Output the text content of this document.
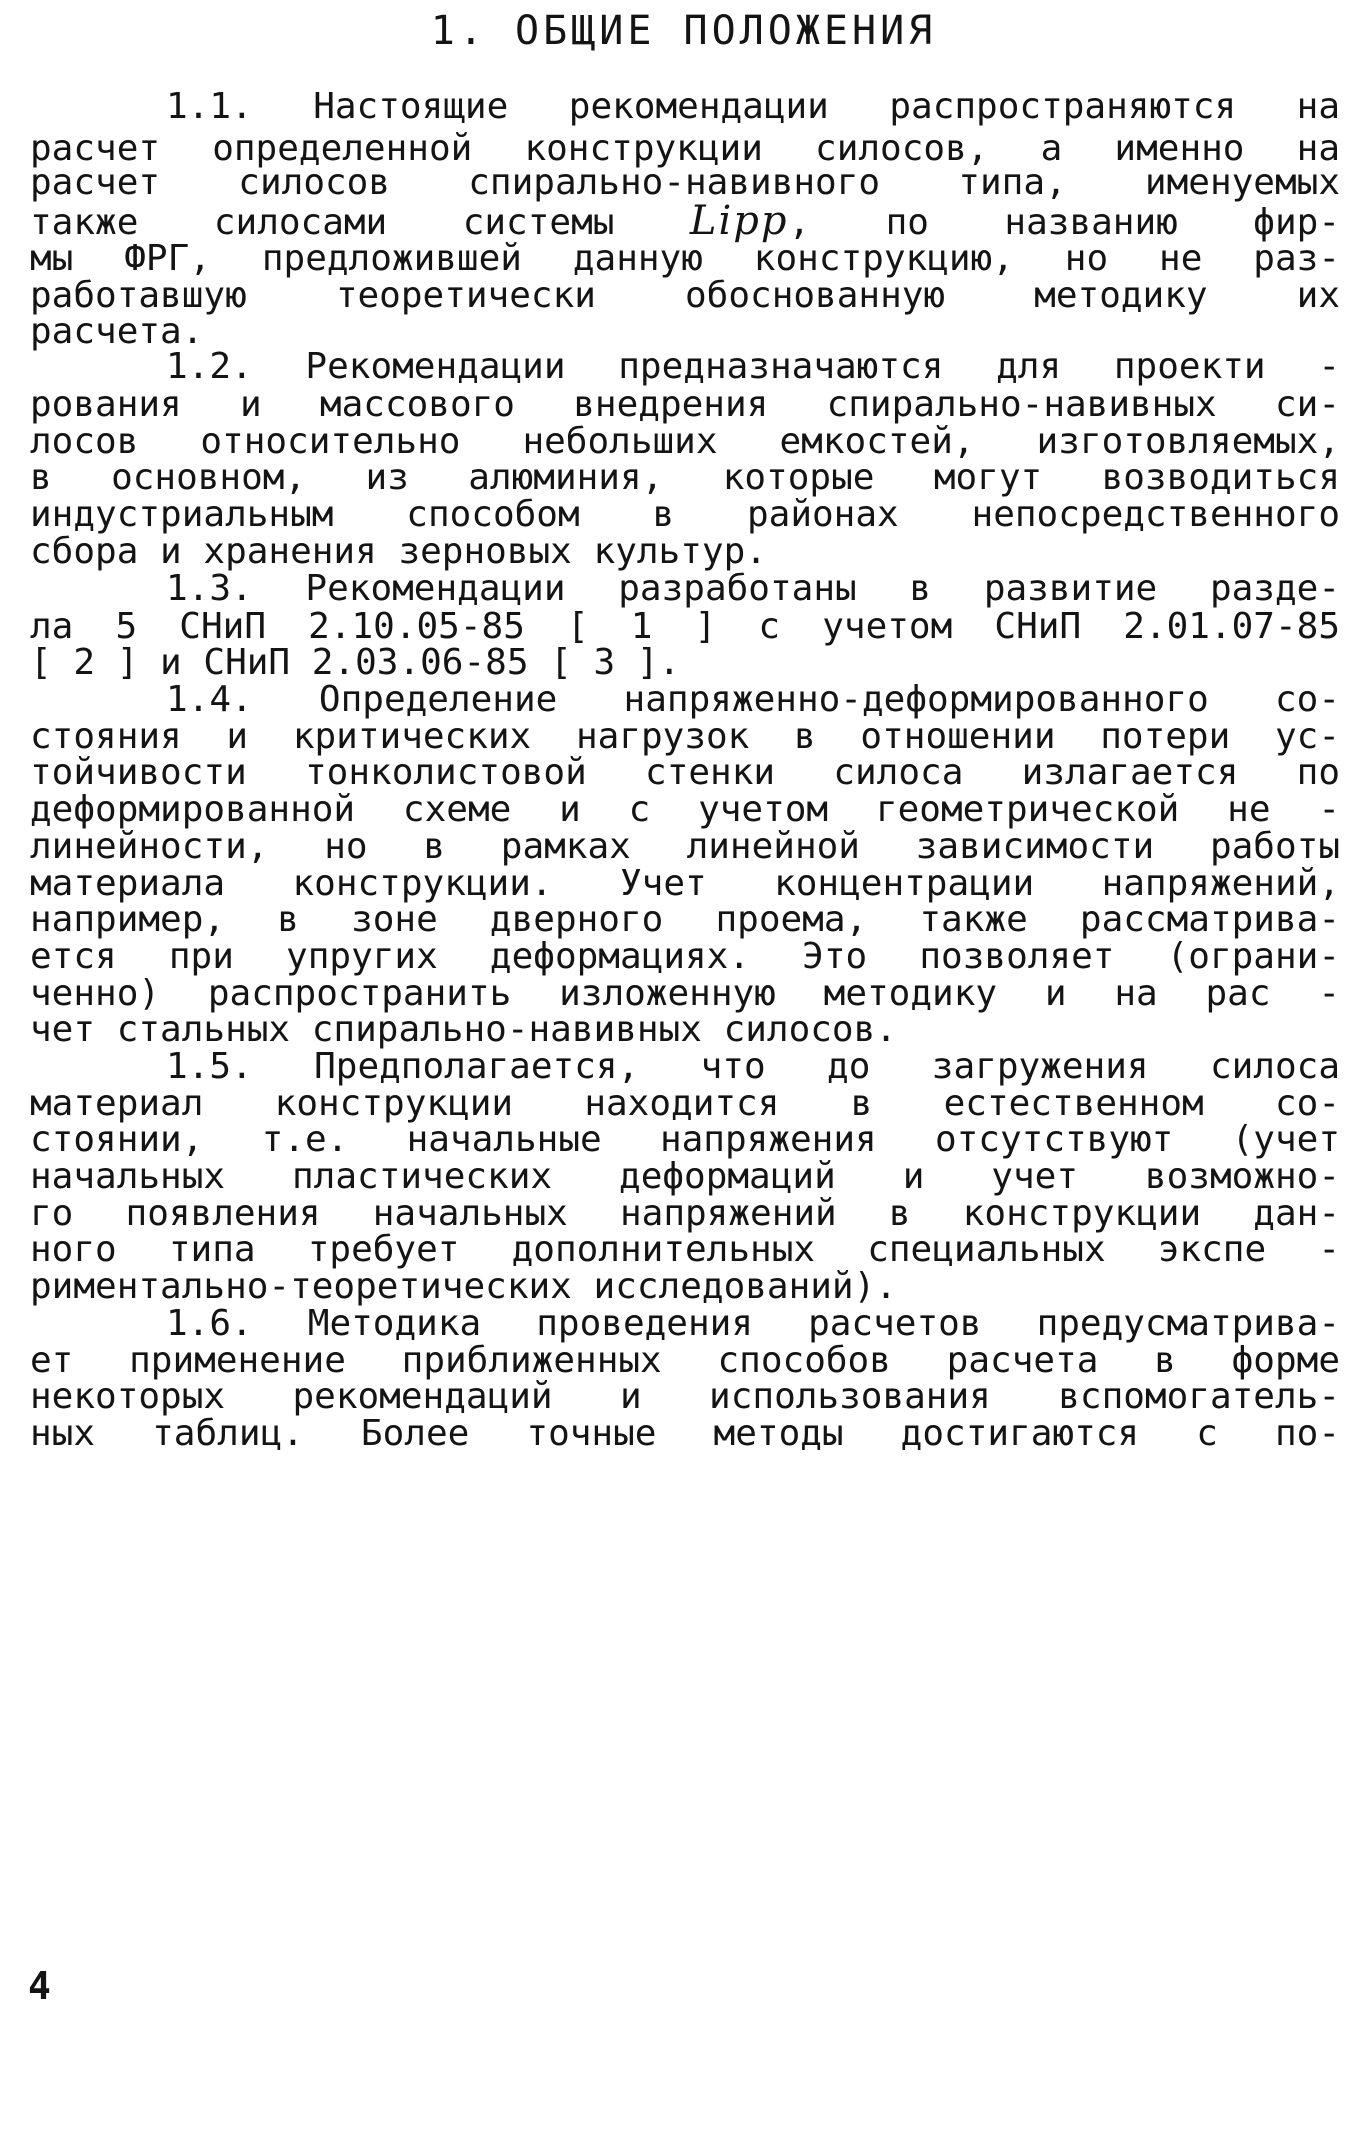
1. ОБЩИЕ ПОЛОЖЕНИЯ

1.1. Настоящие рекомендации распространяются на

расчет определенной конструкции силосов, а именно на

расчет силосов спирально-навивного типа, именуемых

также силосами системы Lipp, по названию фир-

мы ФРГ, предложившей данную конструкцию, но не раз-

работавшую теоретически обоснованную методику их

расчета.

1.2. Рекомендации предназначаются для проекти -

рования и массового внедрения спирально-навивных си-

лосов относительно небольших емкостей, изготовляемых,

в основном, из алюминия, которые могут возводиться

индустриальным способом в районах непосредственного

сбора и хранения зерновых культур.

1.3. Рекомендации разработаны в развитие разде-

ла 5 СНиП 2.10.05-85 [ 1 ] с учетом СНиП 2.01.07-85

[ 2 ] и СНиП 2.03.06-85 [ 3 ].

1.4. Определение напряженно-деформированного со-

стояния и критических нагрузок в отношении потери ус-

тойчивости тонколистовой стенки силоса излагается по

деформированной схеме и с учетом геометрической не -

линейности, но в рамках линейной зависимости работы

материала конструкции. Учет концентрации напряжений,

например, в зоне дверного проема, также рассматрива-

ется при упругих деформациях. Это позволяет (ограни-

ченно) распространить изложенную методику и на рас -

чет стальных спирально-навивных силосов.

1.5. Предполагается, что до загружения силоса

материал конструкции находится в естественном со-

стоянии, т.е. начальные напряжения отсутствуют (учет

начальных пластических деформаций и учет возможно-

го появления начальных напряжений в конструкции дан-

ного типа требует дополнительных специальных экспе -

риментально-теоретических исследований).

1.6. Методика проведения расчетов предусматрива-

ет применение приближенных способов расчета в форме

некоторых рекомендаций и использования вспомогатель-

ных таблиц. Более точные методы достигаются с по-

4
